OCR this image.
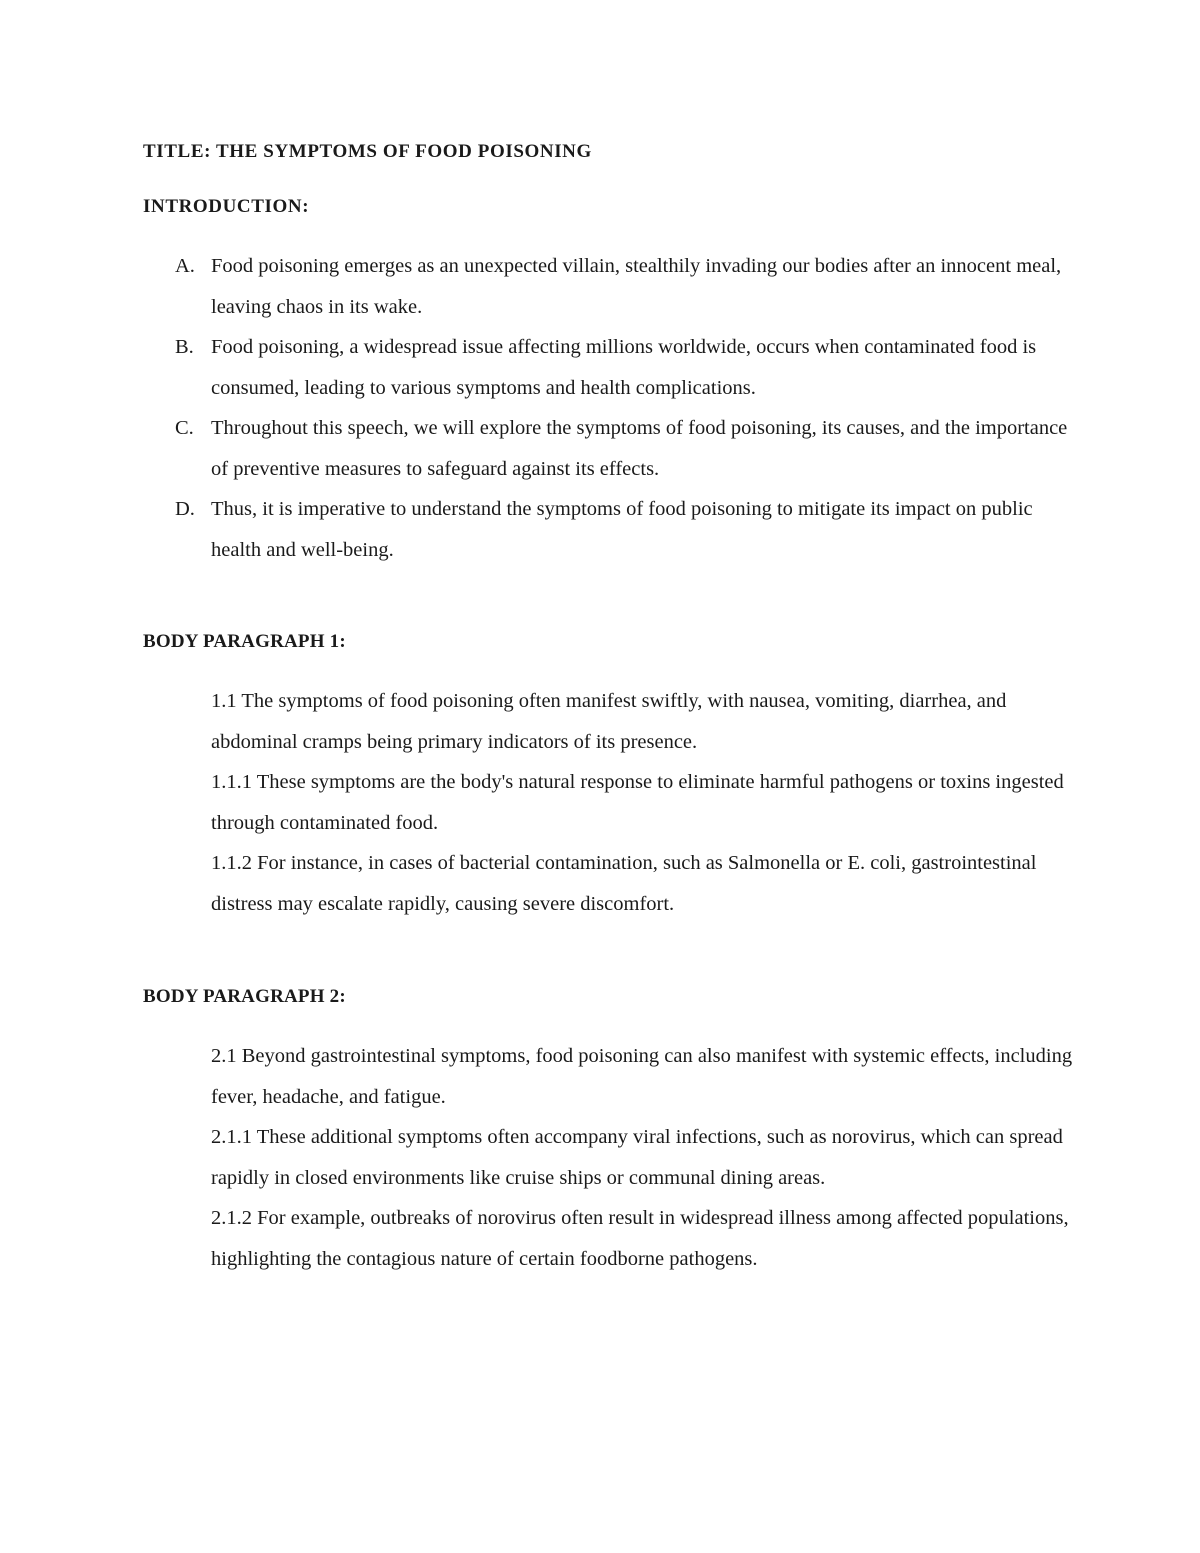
TITLE: THE SYMPTOMS OF FOOD POISONING
INTRODUCTION:
A. Food poisoning emerges as an unexpected villain, stealthily invading our bodies after an innocent meal, leaving chaos in its wake.
B. Food poisoning, a widespread issue affecting millions worldwide, occurs when contaminated food is consumed, leading to various symptoms and health complications.
C. Throughout this speech, we will explore the symptoms of food poisoning, its causes, and the importance of preventive measures to safeguard against its effects.
D. Thus, it is imperative to understand the symptoms of food poisoning to mitigate its impact on public health and well-being.
BODY PARAGRAPH 1:

1.1 The symptoms of food poisoning often manifest swiftly, with nausea, vomiting, diarrhea, and abdominal cramps being primary indicators of its presence.

1.1.1 These symptoms are the body's natural response to eliminate harmful pathogens or toxins ingested through contaminated food.

1.1.2 For instance, in cases of bacterial contamination, such as Salmonella or E. coli, gastrointestinal distress may escalate rapidly, causing severe discomfort.

BODY PARAGRAPH 2:

2.1 Beyond gastrointestinal symptoms, food poisoning can also manifest with systemic effects, including fever, headache, and fatigue.

2.1.1 These additional symptoms often accompany viral infections, such as norovirus, which can spread rapidly in closed environments like cruise ships or communal dining areas.

2.1.2 For example, outbreaks of norovirus often result in widespread illness among affected populations, highlighting the contagious nature of certain foodborne pathogens.
